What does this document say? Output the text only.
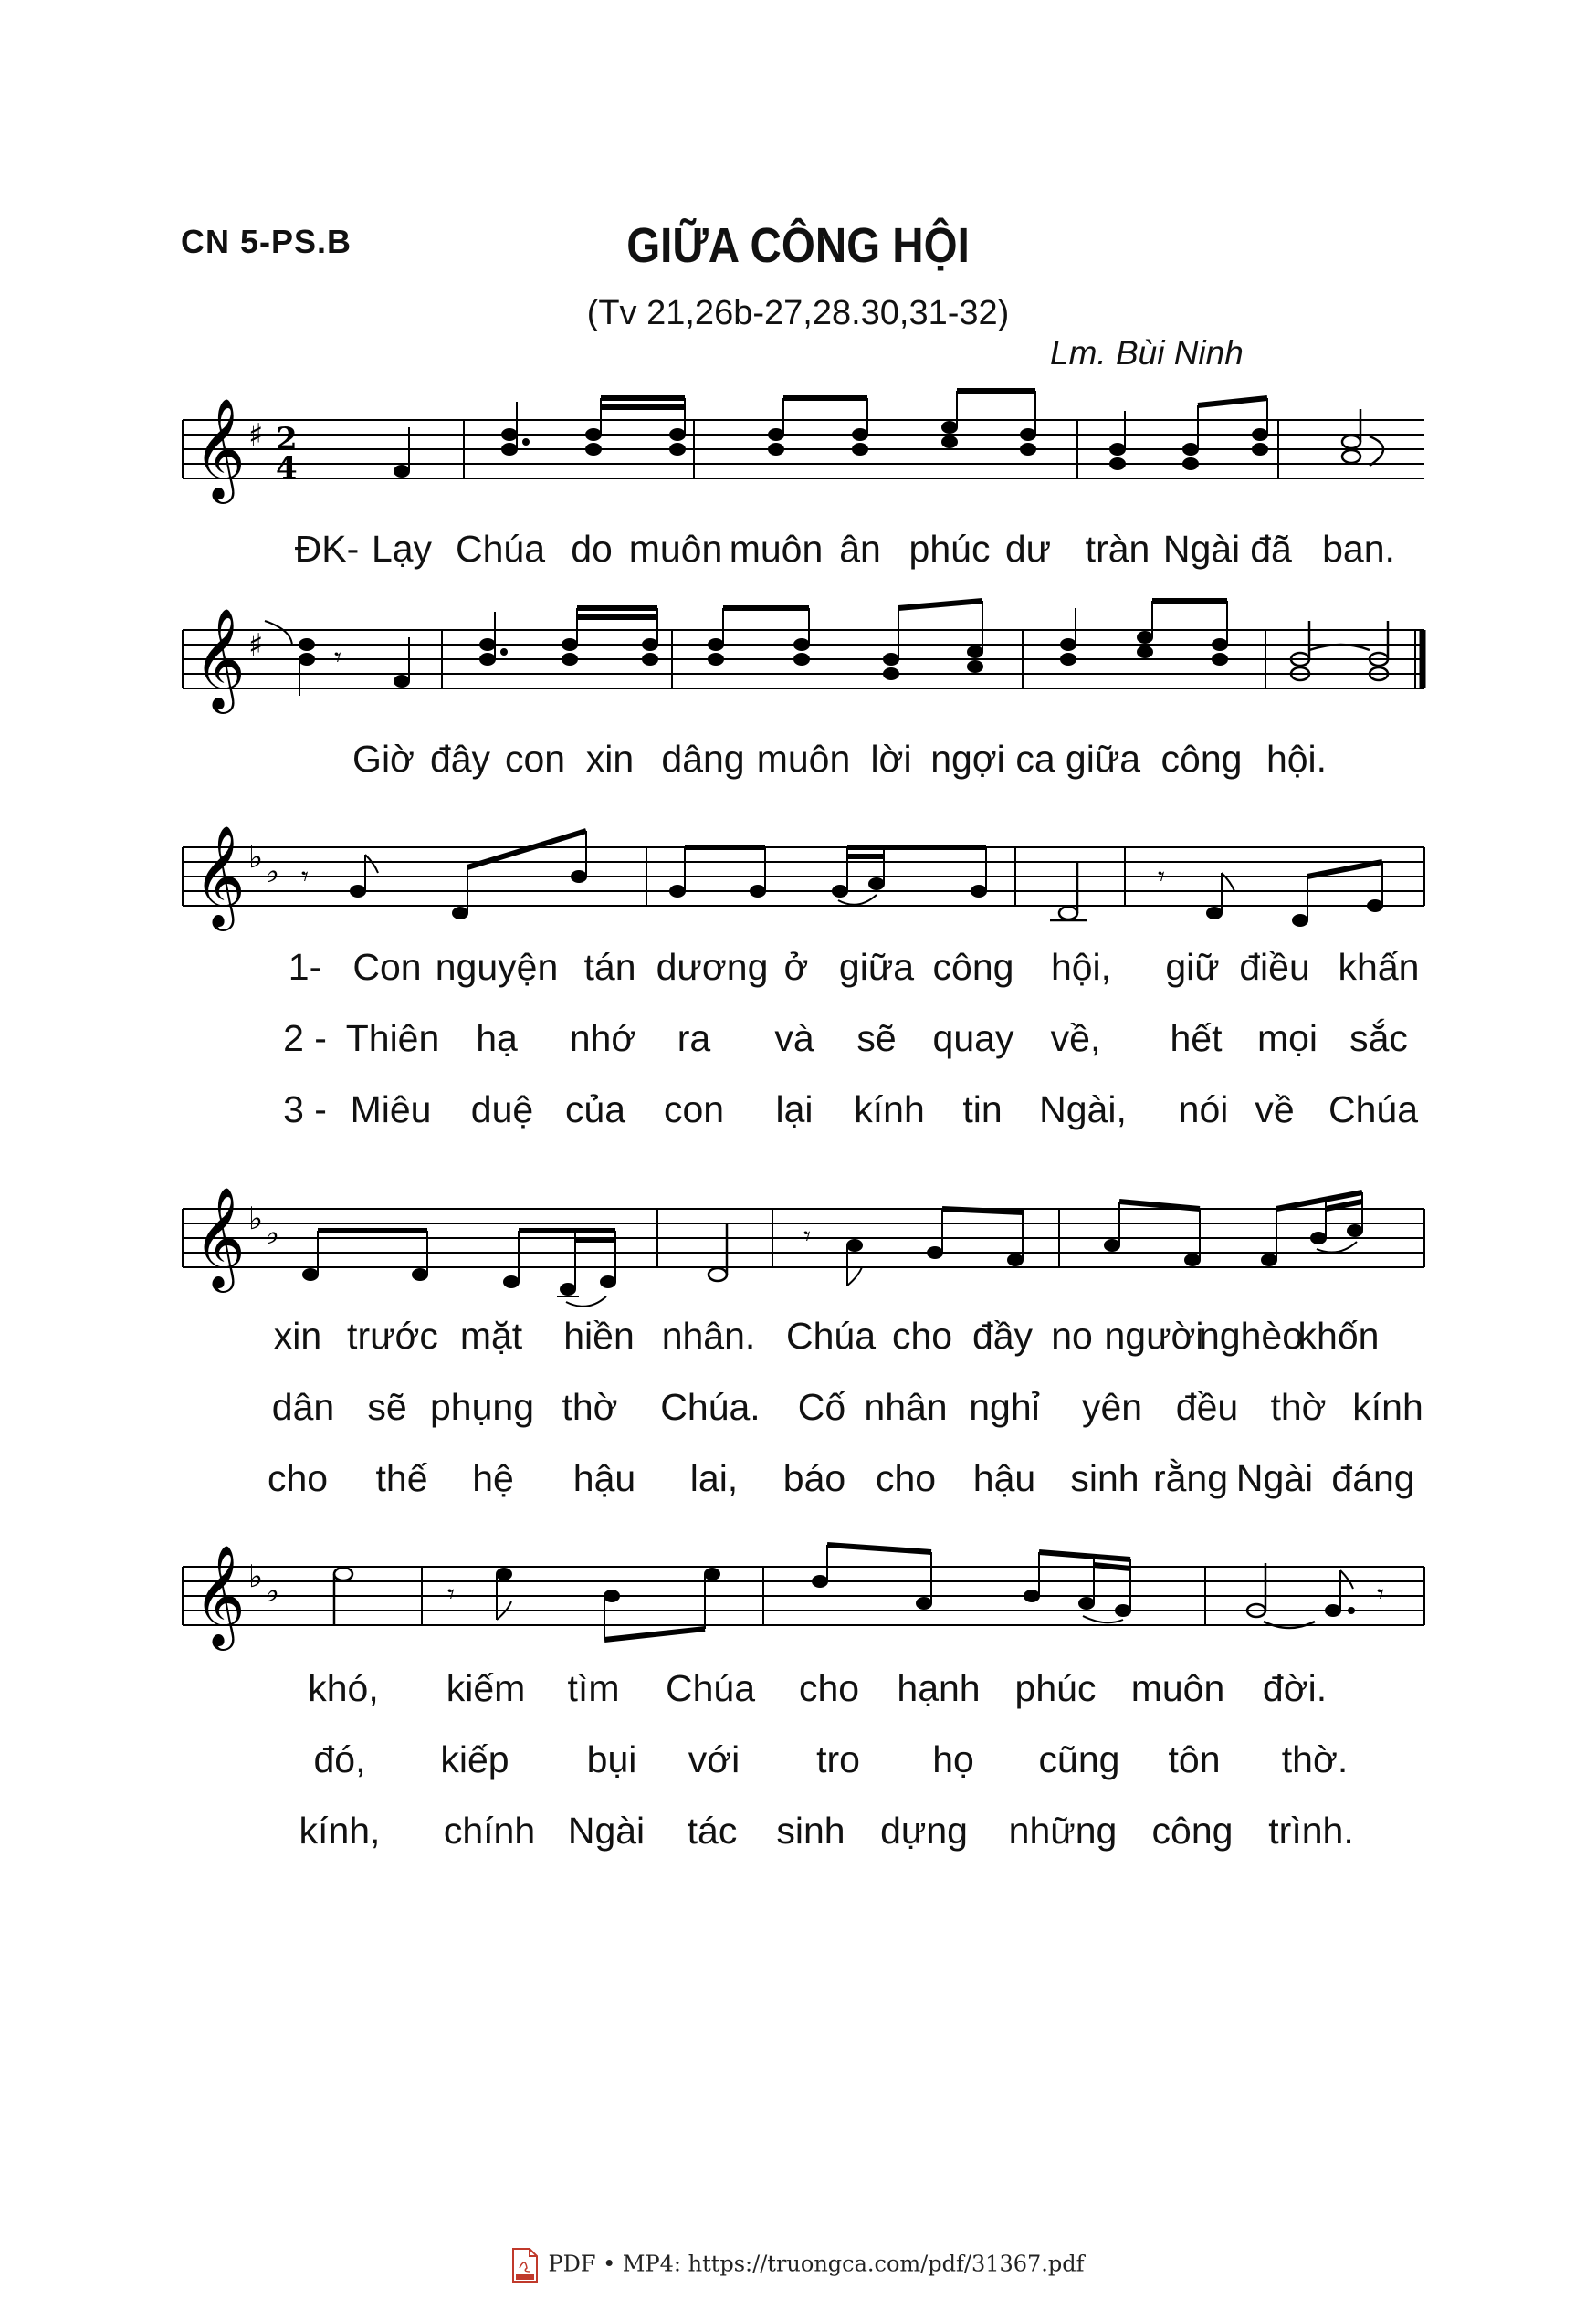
CN 5-PS.B	GIỮA CÔNG HỘI
(Tv 21,26b-27,28.30,31-32)
Lm. Bùi Ninh
𝄞 ♯ 2
4
ĐK- Lạy Chúa do muôn muôn ân phúc dư tràn Ngài đã ban.
𝄞 ♯	𝄾
Giờ đây con xin dâng muôn lời ngợi ca giữa công hội.
𝄞 ♭ ♭ 𝄾	𝄾
1- Con nguyện tán dương ở giữa công hội, giữ điều khấn
2 - Thiên hạ nhớ ra và sẽ quay về, hết mọi sắc
3 - Miêu duệ của con lại kính tin Ngài, nói về Chúa
𝄞 ♭ ♭	𝄾
xin trước mặt hiền nhân. Chúa cho đầy no người
nghèo
khốn
dân sẽ phụng thờ Chúa. Cố nhân nghỉ yên đều thờ kính
cho thế hệ hậu lai, báo cho hậu sinh rằng Ngài đáng
𝄞 ♭ ♭	𝄾	𝄾
khó, kiếm tìm Chúa cho hạnh phúc muôn đời.
đó, kiếp bụi với tro họ cũng tôn thờ.
kính, chính Ngài tác sinh dựng những công trình.
PDF • MP4: https://truongca.com/pdf/31367.pdf
